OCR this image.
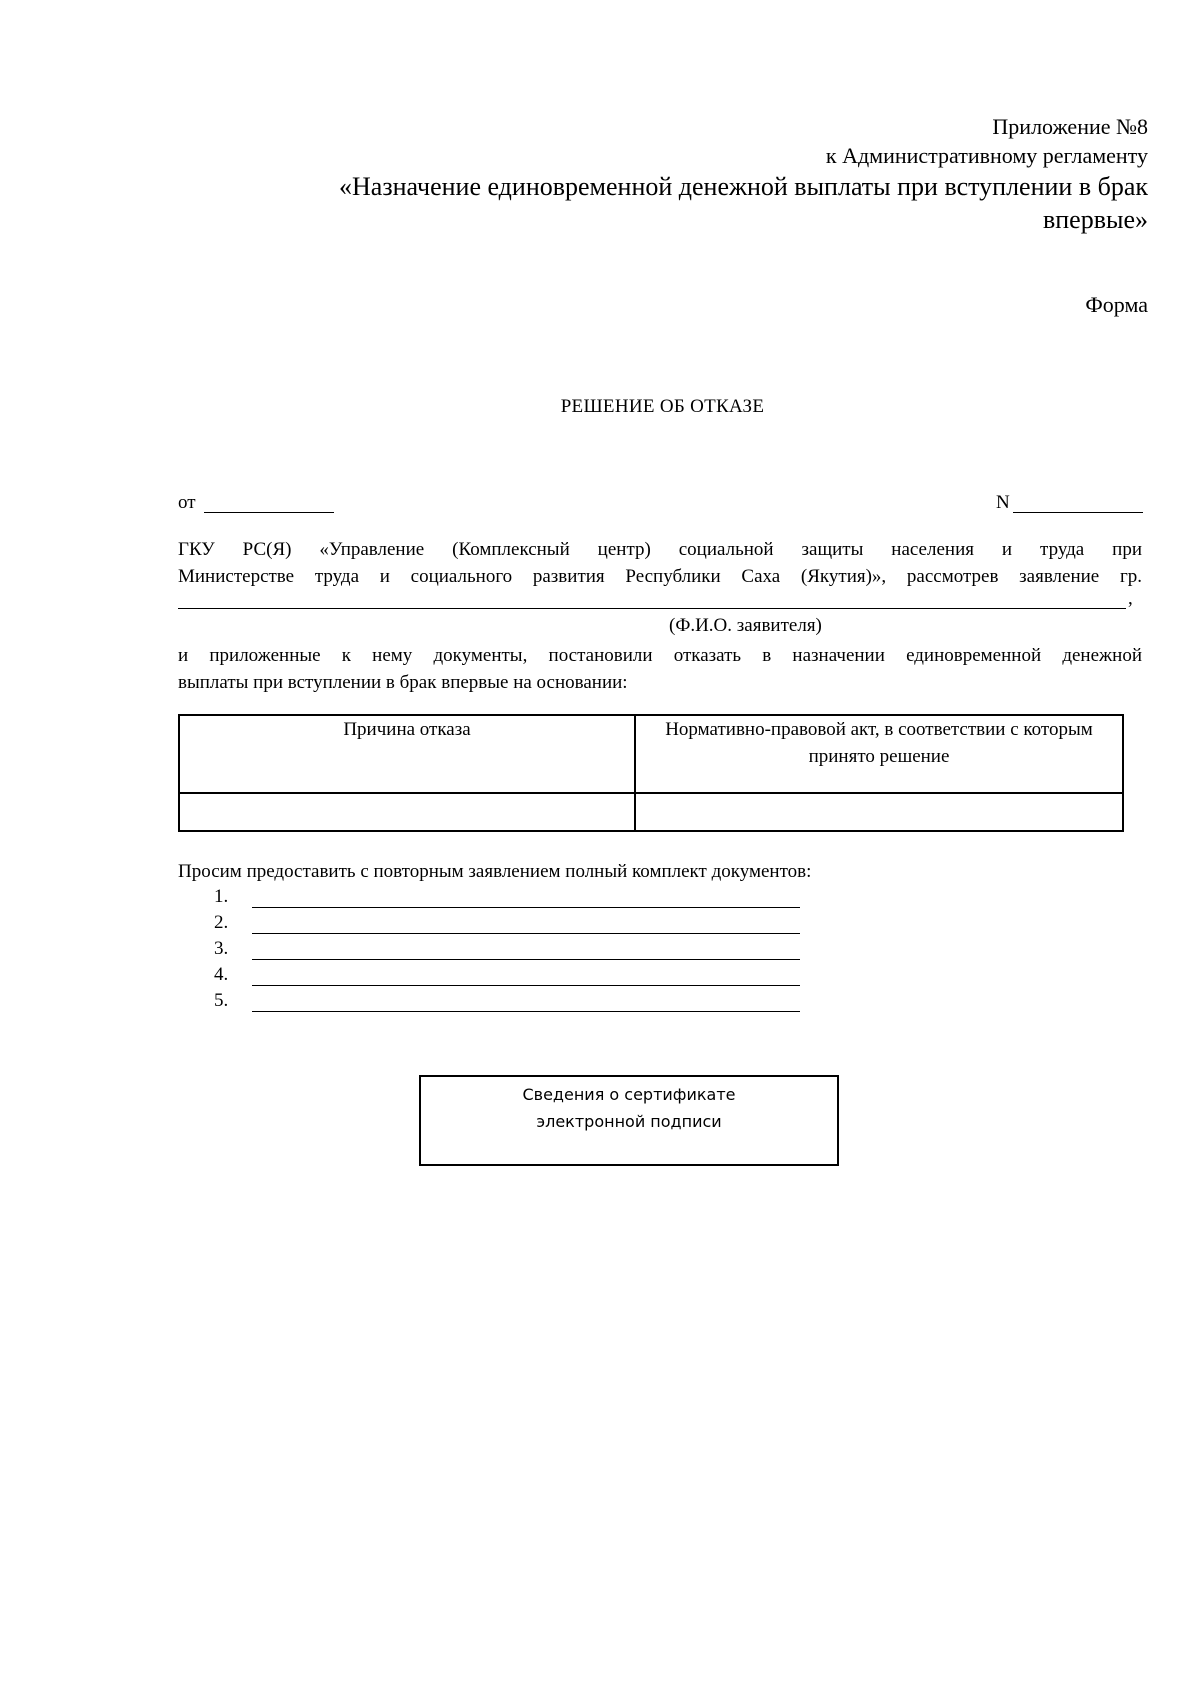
Приложение №8
к Административному регламенту
«Назначение единовременной денежной выплаты при вступлении в брак
впервые»
Форма
РЕШЕНИЕ ОБ ОТКАЗЕ
от	N
ГКУ РС(Я) «Управление (Комплексный центр) социальной защиты населения и труда при
Министерстве труда и социального развития Республики Саха (Якутия)», рассмотрев заявление гр.
,
(Ф.И.О. заявителя)
и приложенные к нему документы, постановили отказать в назначении единовременной денежной
выплаты при вступлении в брак впервые на основании:
Причина отказа	Нормативно-правовой акт, в соответствии с которым принято решение

Просим предоставить с повторным заявлением полный комплект документов:
1.
2.
3.
4.
5.
Сведения о сертификате
электронной подписи
